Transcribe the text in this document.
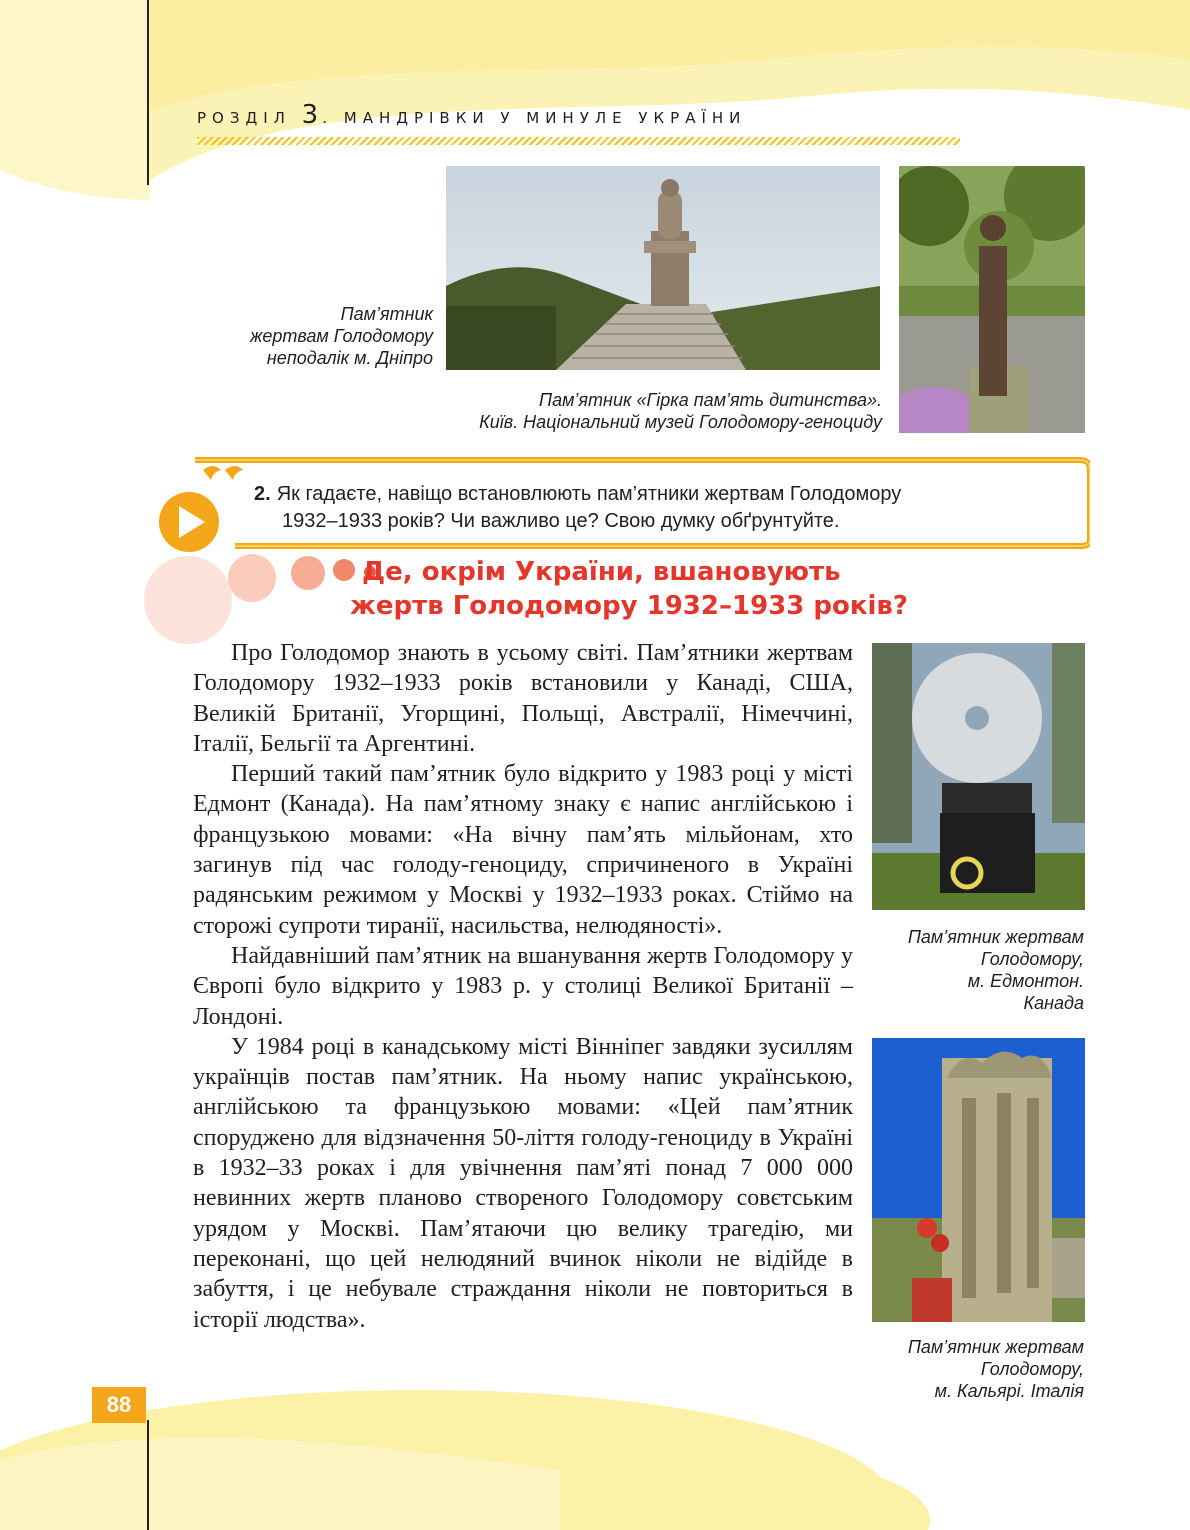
РОЗДІЛ 3 . МАНДРІВКИ У МИНУЛЕ УКРАЇНИ
Пам’ятник
жертвам Голодомору
неподалік м. Дніпро
Пам’ятник «Гірка пам’ять дитинства».
Київ. Національний музей Голодомору-геноциду
2. Як гадаєте, навіщо встановлюють пам’ятники жертвам Голодомору
1932–1933 років? Чи важливо це? Свою думку обґрунтуйте.
Де, окрім України, вшановують
жертв Голодомору 1932–1933 років?

Про Голодомор знають в усьому світі. Пам’ятники жертвам Голодомору 1932–1933 років встановили у Канаді, США, Великій Британії, Угорщині, Польщі, Австралії, Німеччині, Італії, Бельгії та Аргентині.

Перший такий пам’ятник було відкрито у 1983 році у місті Едмонт (Канада). На пам’ятному знаку є напис англійською і французькою мовами: «На вічну пам’ять мільйонам, хто загинув під час голоду-геноциду, спричиненого в Україні радянським режимом у Москві у 1932–1933 роках. Стіймо на сторожі супроти тиранії, насильства, нелюдяності».

Найдавніший пам’ятник на вшанування жертв Голодомору у Європі було відкрито у 1983 р. у столиці Великої Британії – Лондоні.

У 1984 році в канадському місті Вінніпег завдяки зусиллям українців постав пам’ятник. На ньому напис українською, англійською та французькою мовами: «Цей пам’ятник споруджено для відзначення 50-ліття голоду-геноциду в Україні в 1932–33 роках і для увічнення пам’яті понад 7 000 000 невинних жертв планово створеного Голодомору совєтським урядом у Москві. Пам’ятаючи цю велику трагедію, ми переконані, що цей нелюдяний вчинок ніколи не відійде в забуття, і це небувале страждання ніколи не повториться в історії людства».

Пам’ятник жертвам
Голодомору,
м. Едмонтон.
Канада
Пам’ятник жертвам
Голодомору,
м. Кальярі. Італія
88
